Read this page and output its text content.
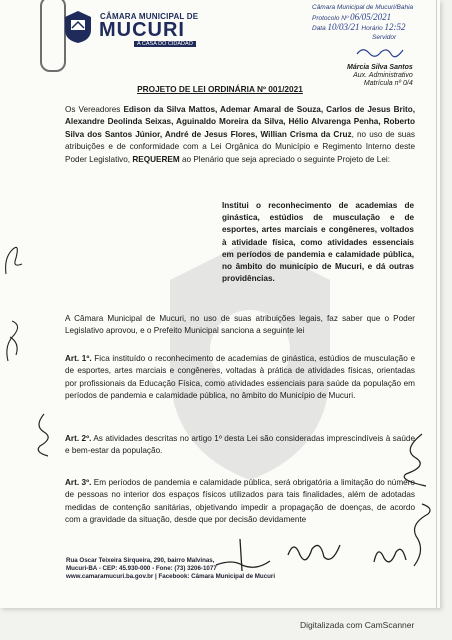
CÂMARA MUNICIPAL DE
MUCURI
A CASA DO CIDADÃO
Câmara Municipal de Mucuri/Bahia
Protocolo Nº 06/05/2021
Data 10/03/21 Horário 12:52
Servidor
Márcia Silva Santos
Aux. Administrativo
Matrícula nº 0/4
PROJETO DE LEI ORDINÁRIA Nº 001/2021
Os Vereadores Edison da Silva Mattos, Ademar Amaral de Souza, Carlos de Jesus Brito, Alexandre Deolinda Seixas, Aguinaldo Moreira da Silva, Hélio Alvarenga Penha, Roberto Silva dos Santos Júnior, André de Jesus Flores, Willian Crisma da Cruz, no uso de suas atribuições e de conformidade com a Lei Orgânica do Município e Regimento Interno deste Poder Legislativo, REQUEREM ao Plenário que seja apreciado o seguinte Projeto de Lei:
Institui o reconhecimento de academias de ginástica, estúdios de musculação e de esportes, artes marciais e congêneres, voltados à atividade física, como atividades essenciais em períodos de pandemia e calamidade pública, no âmbito do município de Mucuri, e dá outras providências.
A Câmara Municipal de Mucuri, no uso de suas atribuições legais, faz saber que o Poder Legislativo aprovou, e o Prefeito Municipal sanciona a seguinte lei
Art. 1º. Fica instituído o reconhecimento de academias de ginástica, estúdios de musculação e de esportes, artes marciais e congêneres, voltadas à prática de atividades físicas, orientadas por profissionais da Educação Física, como atividades essenciais para saúde da população em períodos de pandemia e calamidade pública, no âmbito do Município de Mucuri.
Art. 2º. As atividades descritas no artigo 1º desta Lei são consideradas imprescindíveis à saúde e bem-estar da população.
Art. 3º. Em períodos de pandemia e calamidade pública, será obrigatória a limitação do número de pessoas no interior dos espaços físicos utilizados para tais finalidades, além de adotadas medidas de contenção sanitárias, objetivando impedir a propagação de doenças, de acordo com a gravidade da situação, desde que por decisão devidamente
Rua Oscar Teixeira Sirqueira, 290, bairro Malvinas,
Mucuri-BA - CEP: 45.930-000 - Fone: (73) 3206-1077
www.camaramucuri.ba.gov.br | Facebook: Câmara Municipal de Mucuri
Digitalizada com CamScanner
